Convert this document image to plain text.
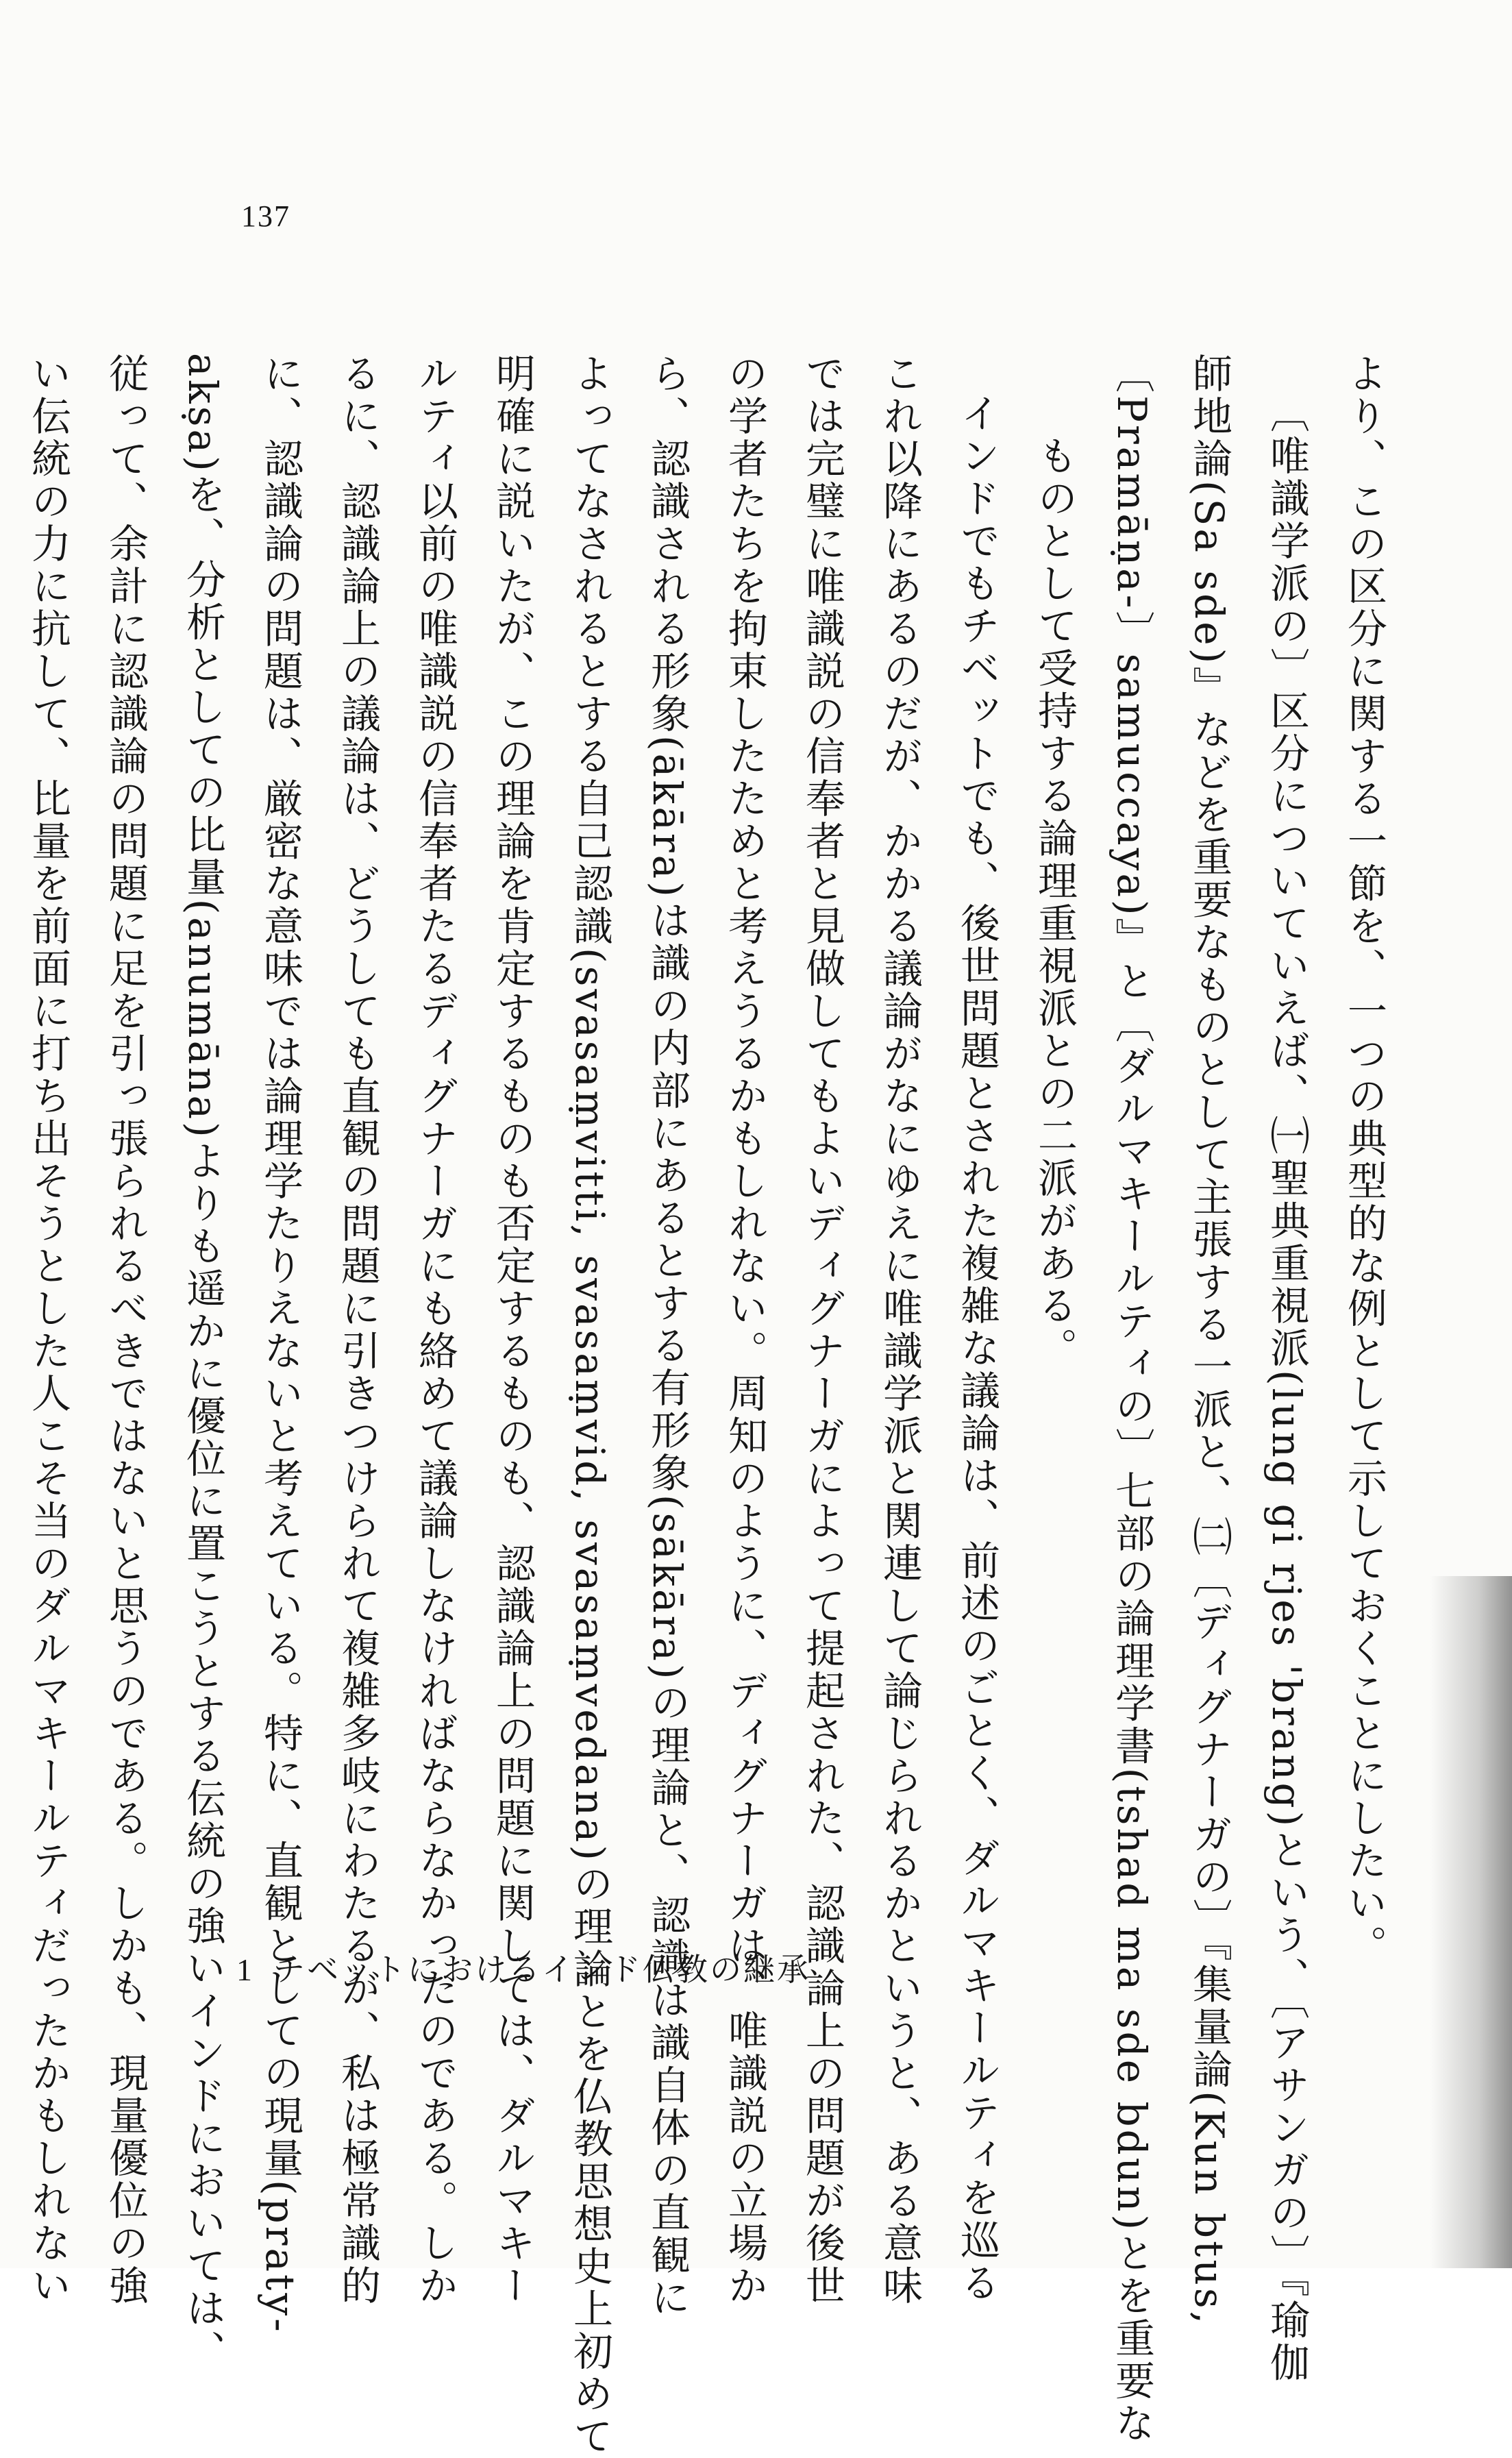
137

より、この区分に関する一節を、一つの典型的な例として示しておくことにしたい。

〔唯識学派の〕区分についていえば、㈠聖典重視派(lung gi rjes 'brang)という、〔アサンガの〕『瑜伽

師地論(Sa sde)』などを重要なものとして主張する一派と、㈡〔ディグナーガの〕『集量論(Kun btus,

〔Pramāṇa-〕samuccaya)』と〔ダルマキールティの〕七部の論理学書(tshad ma sde bdun)とを重要な

ものとして受持する論理重視派との二派がある。

インドでもチベットでも、後世問題とされた複雑な議論は、前述のごとく、ダルマキールティを巡る

これ以降にあるのだが、かかる議論がなにゆえに唯識学派と関連して論じられるかというと、ある意味

では完璧に唯識説の信奉者と見做してもよいディグナーガによって提起された、認識論上の問題が後世

の学者たちを拘束したためと考えうるかもしれない。周知のように、ディグナーガは、唯識説の立場か

ら、認識される形象(ākāra)は識の内部にあるとする有形象(sākāra)の理論と、認識は識自体の直観に

よってなされるとする自己認識(svasaṃvitti, svasaṃvid, svasaṃvedana)の理論とを仏教思想史上初めて

明確に説いたが、この理論を肯定するものも否定するものも、認識論上の問題に関しては、ダルマキー

ルティ以前の唯識説の信奉者たるディグナーガにも絡めて議論しなければならなかったのである。しか

るに、認識論上の議論は、どうしても直観の問題に引きつけられて複雑多岐にわたるが、私は極常識的

に、認識論の問題は、厳密な意味では論理学たりえないと考えている。特に、直観としての現量(praty-

akṣa)を、分析としての比量(anumāna)よりも遥かに優位に置こうとする伝統の強いインドにおいては、

従って、余計に認識論の問題に足を引っ張られるべきではないと思うのである。しかも、現量優位の強

い伝統の力に抗して、比量を前面に打ち出そうとした人こそ当のダルマキールティだったかもしれない	1 チベットにおけるインド仏教の継承
